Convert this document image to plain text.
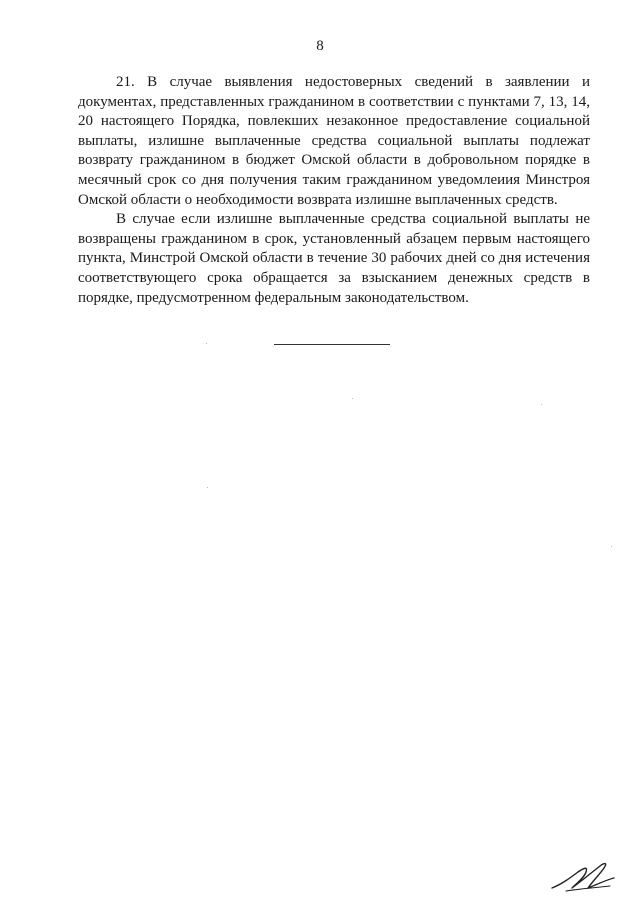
8

21. В случае выявления недостоверных сведений в заявлении и документах, представленных гражданином в соответствии с пунктами 7, 13, 14, 20 настоящего Порядка, повлекших незаконное предоставление социальной выплаты, излишне выплаченные средства социальной выплаты подлежат возврату гражданином в бюджет Омской области в добровольном порядке в месячный срок со дня получения таким гражданином уведомлеиия Минстроя Омской области о необходимости возврата излишне выплаченных средств.

В случае если излишне выплаченные средства социальной выплаты не возвращены гражданином в срок, установленный абзацем первым настоящего пункта, Минстрой Омской области в течение 30 рабочих дней со дня истечения соответствующего срока обращается за взысканием денежных средств в порядке, предусмотренном федеральным законодательством.
